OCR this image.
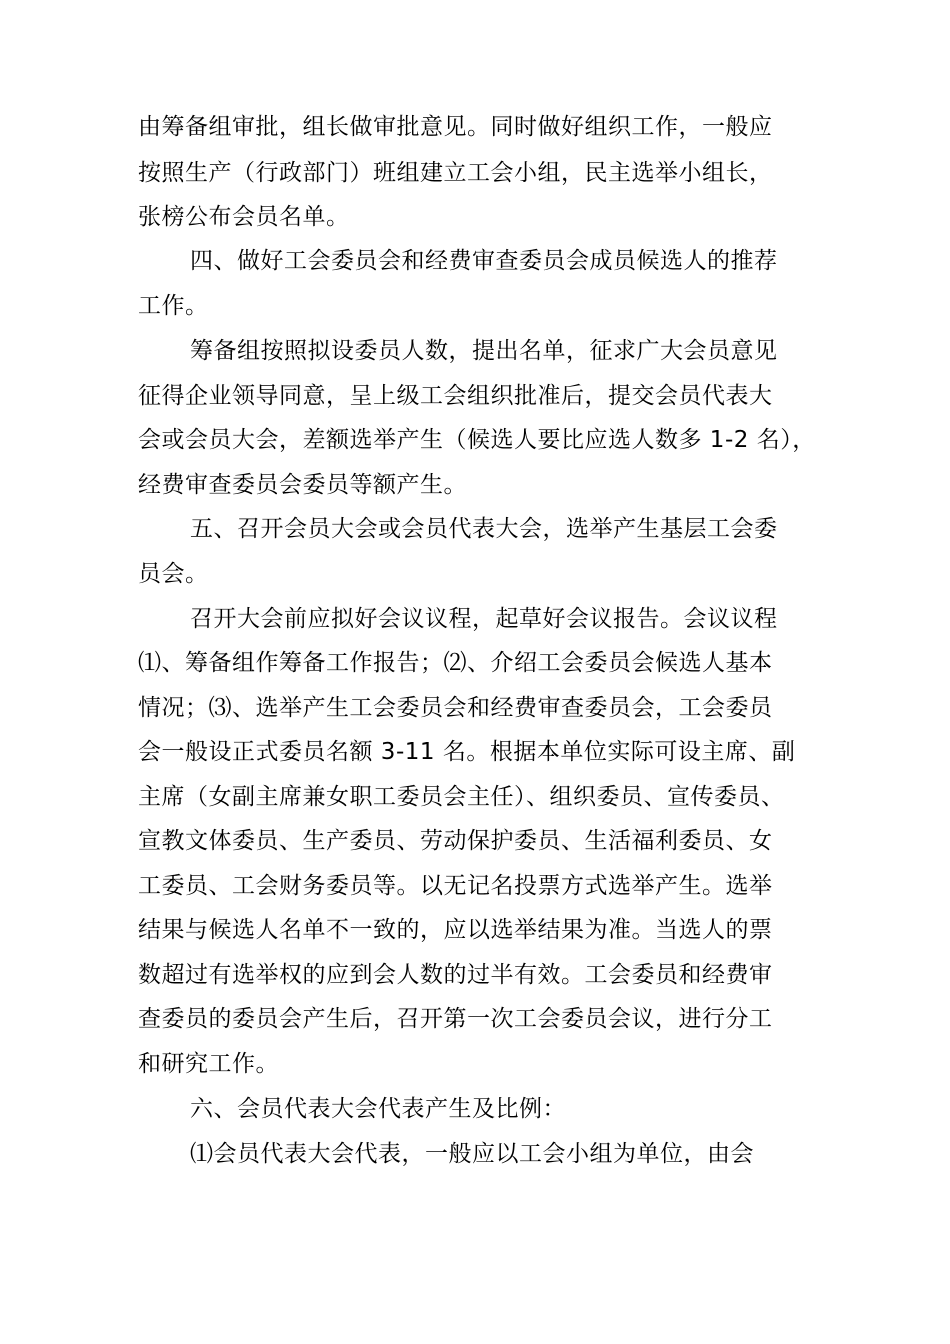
由筹备组审批，组长做审批意见。同时做好组织工作，一般应
按照生产（行政部门）班组建立工会小组，民主选举小组长，
张榜公布会员名单。
四、做好工会委员会和经费审查委员会成员候选人的推荐
工作。
筹备组按照拟设委员人数，提出名单，征求广大会员意见
征得企业领导同意，呈上级工会组织批准后，提交会员代表大
会或会员大会，差额选举产生（候选人要比应选人数多 1-2 名），
经费审查委员会委员等额产生。
五、召开会员大会或会员代表大会，选举产生基层工会委
员会。
召开大会前应拟好会议议程，起草好会议报告。会议议程
⑴、筹备组作筹备工作报告；⑵、介绍工会委员会候选人基本
情况；⑶、选举产生工会委员会和经费审查委员会，工会委员
会一般设正式委员名额 3-11 名。根据本单位实际可设主席、副
主席（女副主席兼女职工委员会主任）、组织委员、宣传委员、
宣教文体委员、生产委员、劳动保护委员、生活福利委员、女
工委员、工会财务委员等。以无记名投票方式选举产生。选举
结果与候选人名单不一致的，应以选举结果为准。当选人的票
数超过有选举权的应到会人数的过半有效。工会委员和经费审
查委员的委员会产生后，召开第一次工会委员会议，进行分工
和研究工作。
六、会员代表大会代表产生及比例：
⑴会员代表大会代表，一般应以工会小组为单位，由会
